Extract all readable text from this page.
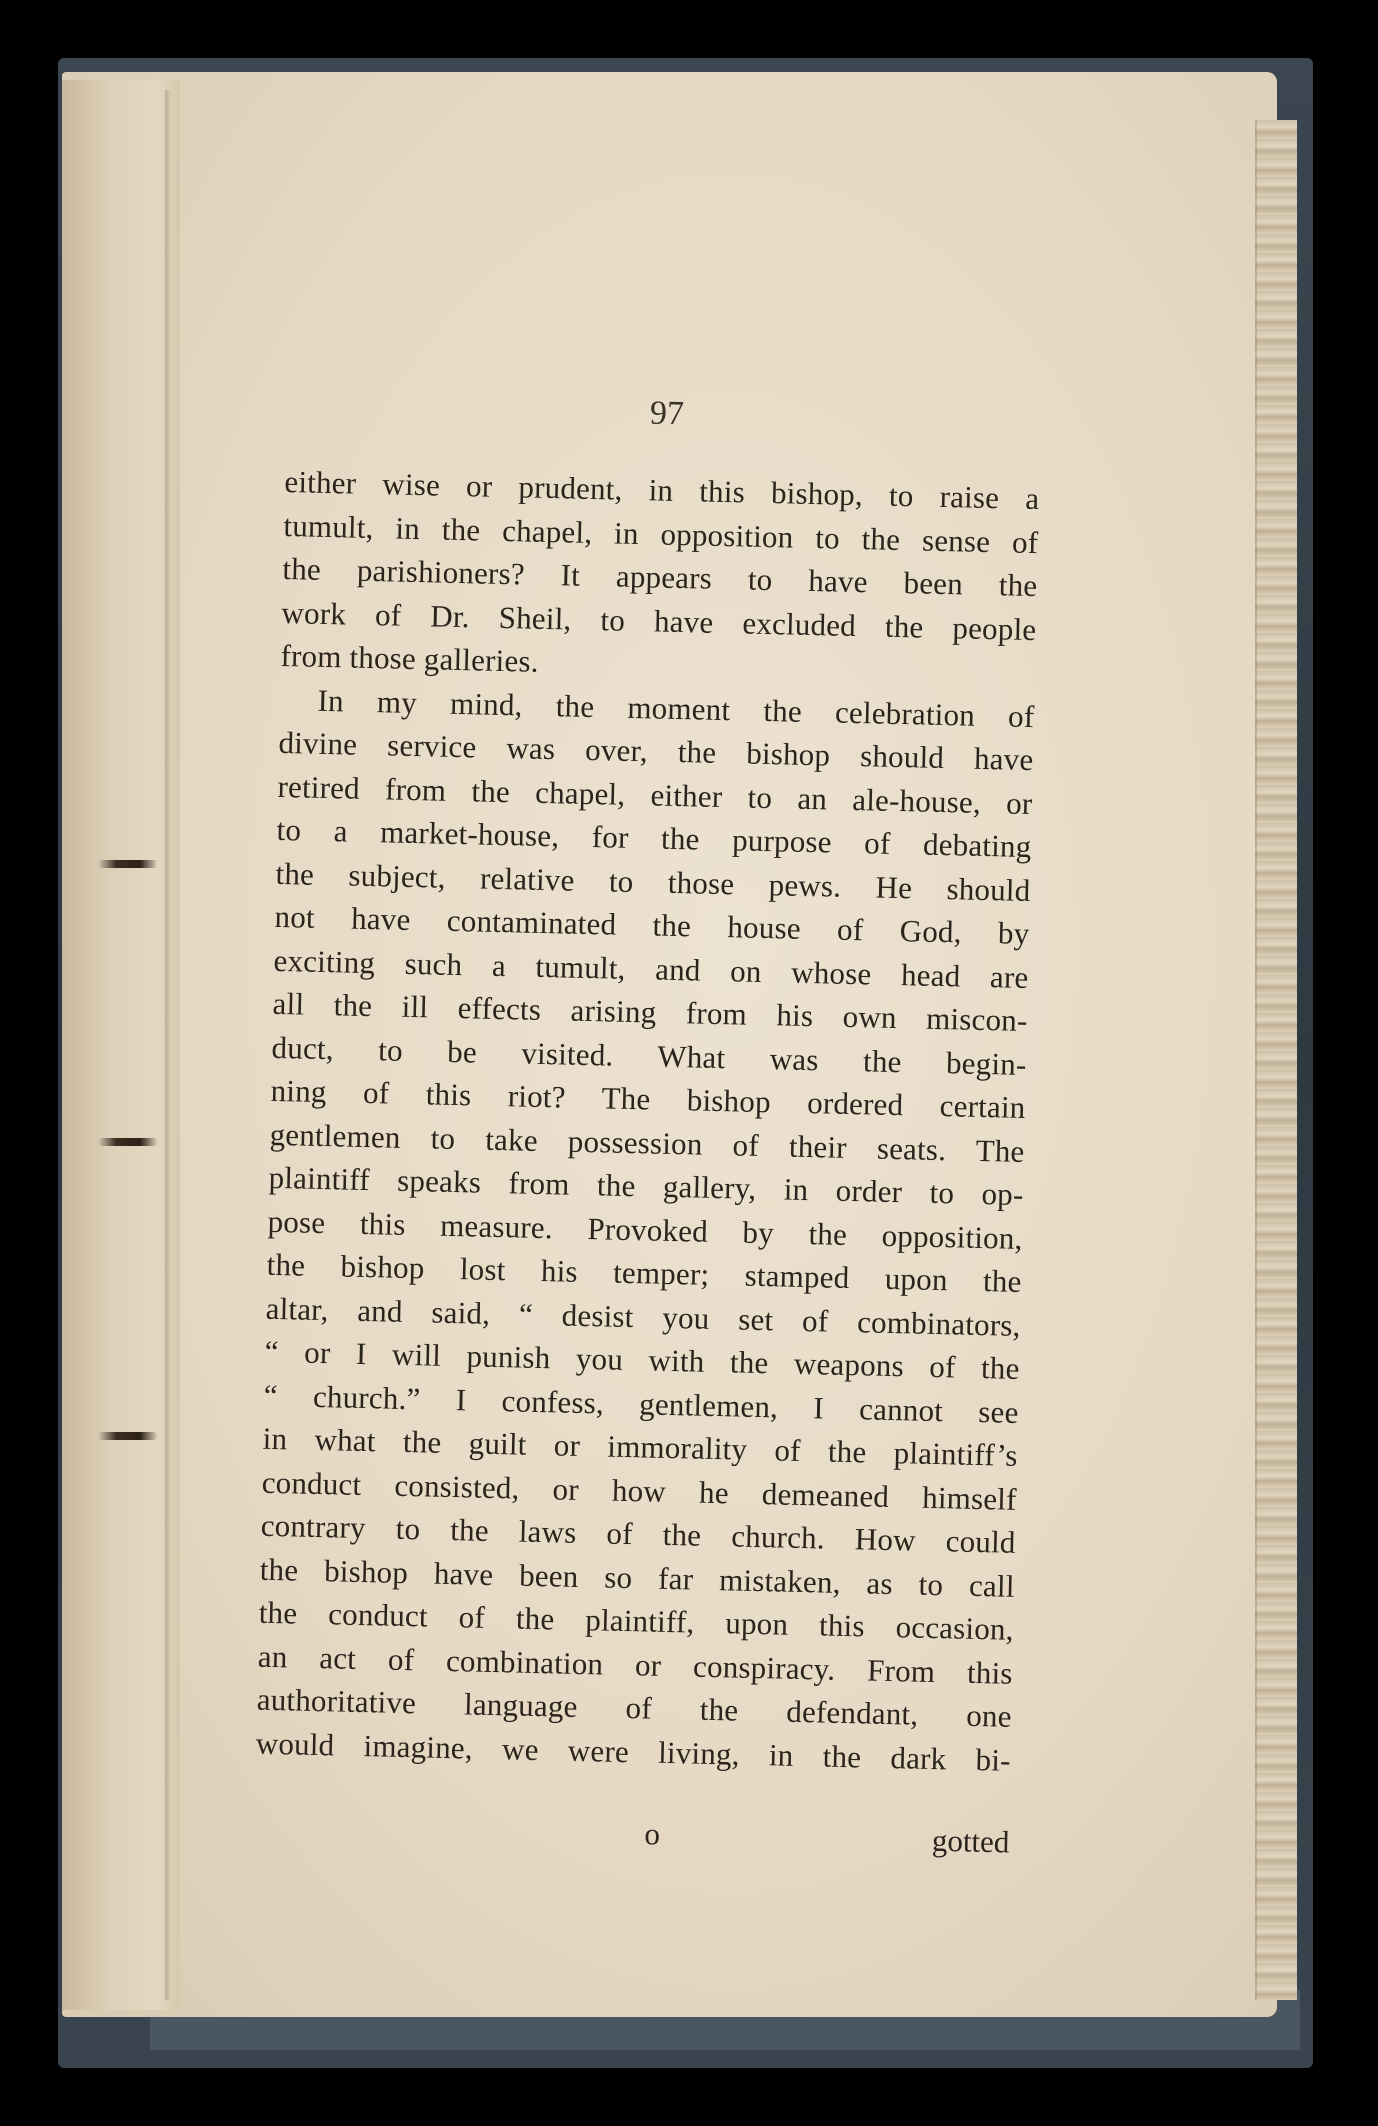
97
either wise or prudent, in this bishop, to raise a
tumult, in the chapel, in opposition to the sense of
the parishioners? It appears to have been the
work of Dr. Sheil, to have excluded the people
from those galleries.
In my mind, the moment the celebration of
divine service was over, the bishop should have
retired from the chapel, either to an ale-house, or
to a market-house, for the purpose of debating
the subject, relative to those pews. He should
not have contaminated the house of God, by
exciting such a tumult, and on whose head are
all the ill effects arising from his own miscon-
duct, to be visited. What was the begin-
ning of this riot? The bishop ordered certain
gentlemen to take possession of their seats. The
plaintiff speaks from the gallery, in order to op-
pose this measure. Provoked by the opposition,
the bishop lost his temper; stamped upon the
altar, and said, “ desist you set of combinators,
“ or I will punish you with the weapons of the
“ church.” I confess, gentlemen, I cannot see
in what the guilt or immorality of the plaintiff’s
conduct consisted, or how he demeaned himself
contrary to the laws of the church. How could
the bishop have been so far mistaken, as to call
the conduct of the plaintiff, upon this occasion,
an act of combination or conspiracy. From this
authoritative language of the defendant, one
would imagine, we were living, in the dark bi-
o	gotted
